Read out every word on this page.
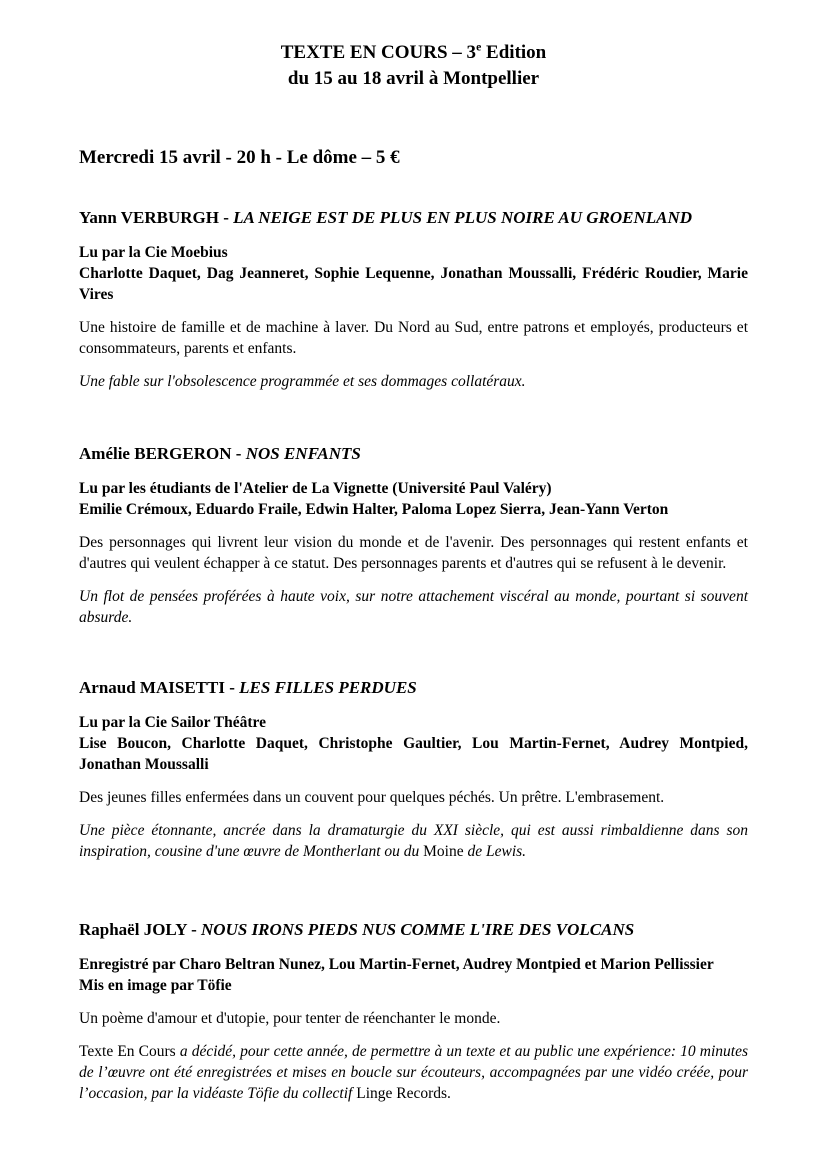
TEXTE EN COURS – 3e Edition
du 15 au 18 avril à Montpellier
Mercredi 15 avril - 20 h - Le dôme – 5 €
Yann VERBURGH - LA NEIGE EST DE PLUS EN PLUS NOIRE AU GROENLAND

Lu par la Cie Moebius
Charlotte Daquet, Dag Jeanneret, Sophie Lequenne, Jonathan Moussalli, Frédéric Roudier, Marie Vires

Une histoire de famille et de machine à laver. Du Nord au Sud, entre patrons et employés, producteurs et consommateurs, parents et enfants.

Une fable sur l'obsolescence programmée et ses dommages collatéraux.

Amélie BERGERON - NOS ENFANTS

Lu par les étudiants de l'Atelier de La Vignette (Université Paul Valéry)
Emilie Crémoux, Eduardo Fraile, Edwin Halter, Paloma Lopez Sierra, Jean-Yann Verton

Des personnages qui livrent leur vision du monde et de l'avenir. Des personnages qui restent enfants et d'autres qui veulent échapper à ce statut. Des personnages parents et d'autres qui se refusent à le devenir.

Un flot de pensées proférées à haute voix, sur notre attachement viscéral au monde, pourtant si souvent absurde.

Arnaud MAISETTI - LES FILLES PERDUES

Lu par la Cie Sailor Théâtre
Lise Boucon, Charlotte Daquet, Christophe Gaultier, Lou Martin-Fernet, Audrey Montpied, Jonathan Moussalli

Des jeunes filles enfermées dans un couvent pour quelques péchés. Un prêtre. L'embrasement.

Une pièce étonnante, ancrée dans la dramaturgie du XXI siècle, qui est aussi rimbaldienne dans son inspiration, cousine d'une œuvre de Montherlant ou du Moine de Lewis.

Raphaël JOLY - NOUS IRONS PIEDS NUS COMME L'IRE DES VOLCANS

Enregistré par Charo Beltran Nunez, Lou Martin-Fernet, Audrey Montpied et Marion Pellissier
Mis en image par Töfie

Un poème d'amour et d'utopie, pour tenter de réenchanter le monde.

Texte En Cours a décidé, pour cette année, de permettre à un texte et au public une expérience: 10 minutes de l’œuvre ont été enregistrées et mises en boucle sur écouteurs, accompagnées par une vidéo créée, pour l’occasion, par la vidéaste Töfie du collectif Linge Records.
